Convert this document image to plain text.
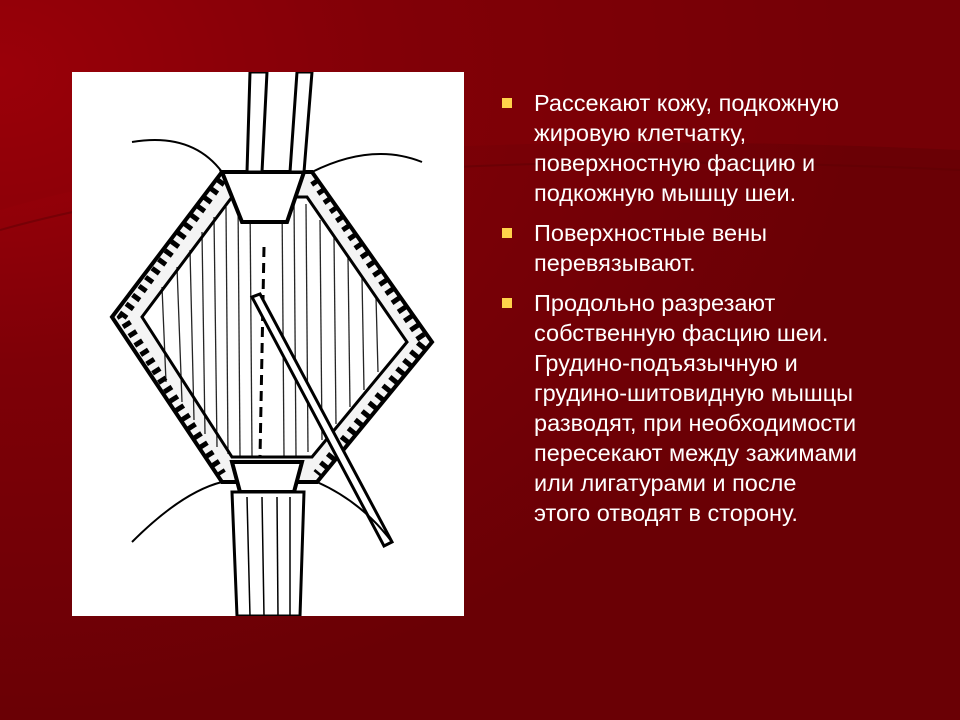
Рассекают кожу, подкожную
жировую клетчатку,
поверхностную фасцию и
подкожную мышцу шеи.
Поверхностные вены
перевязывают.
Продольно разрезают
собственную фасцию шеи.
Грудино-подъязычную и
грудино-шитовидную мышцы
разводят, при необходимости
пересекают между зажимами
или лигатурами и после
этого отводят в сторону.
